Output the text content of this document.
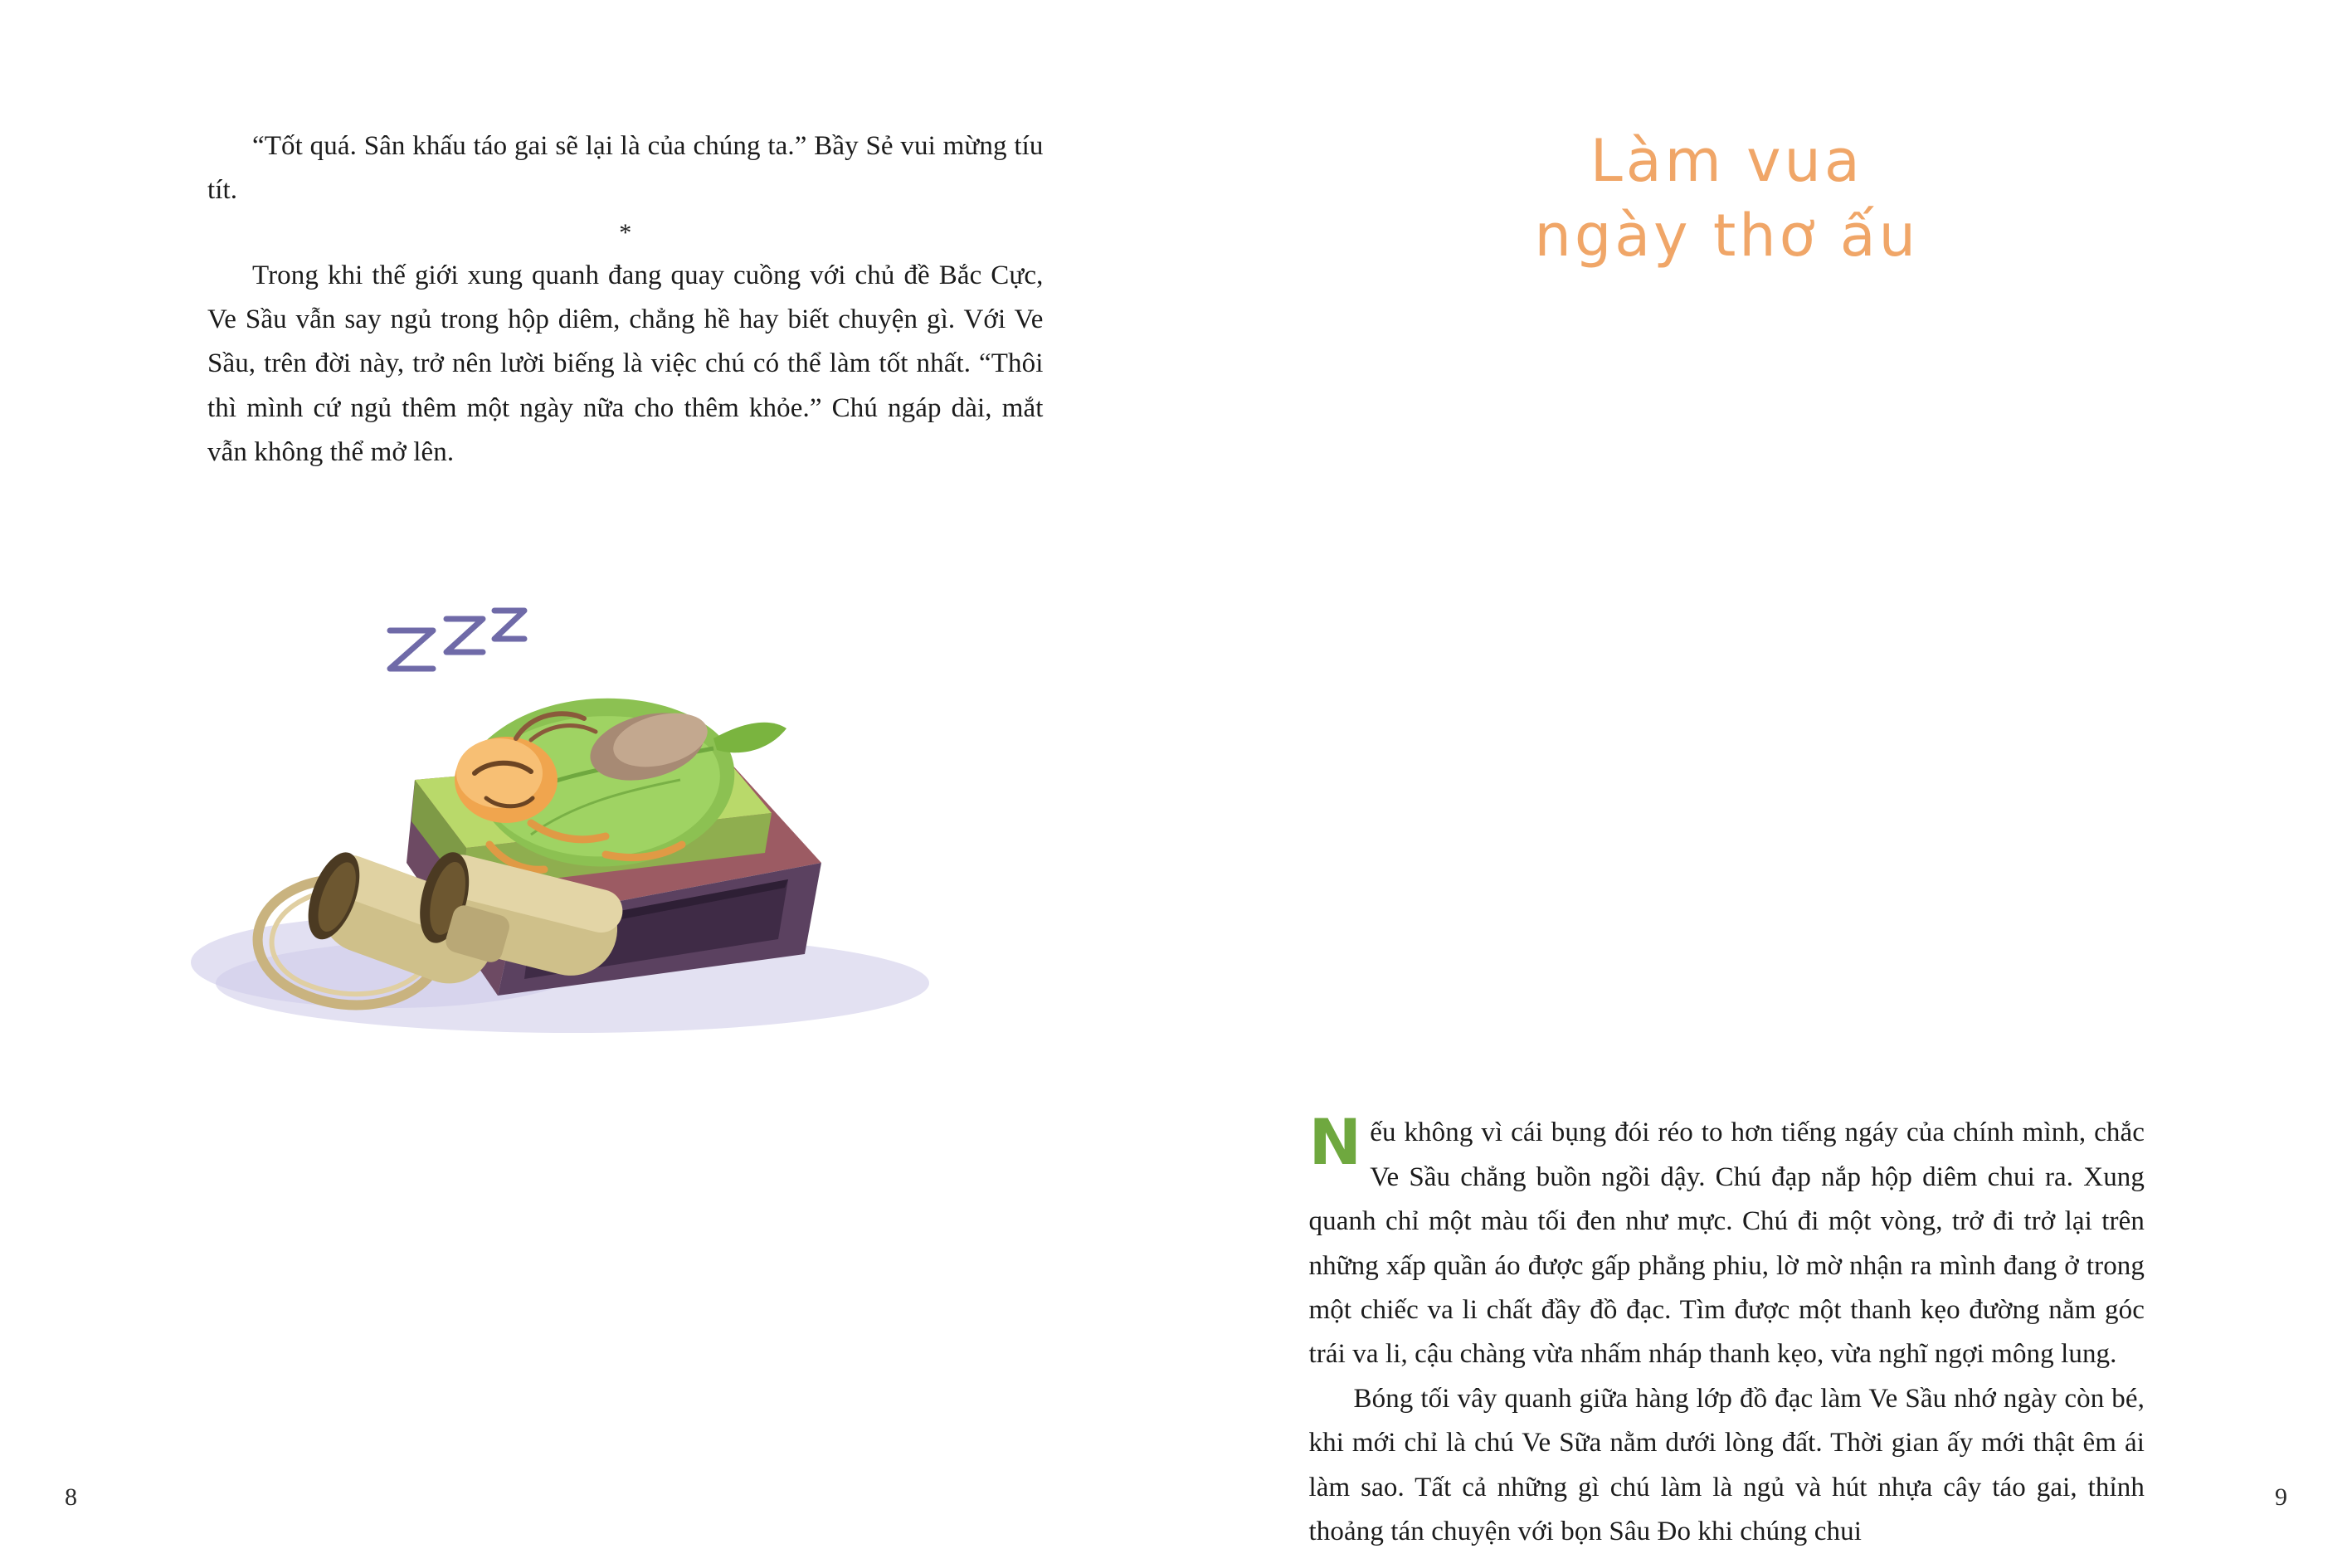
“Tốt quá. Sân khấu táo gai sẽ lại là của chúng ta.” Bầy Sẻ vui mừng tíu tít.

*

Trong khi thế giới xung quanh đang quay cuồng với chủ đề Bắc Cực, Ve Sầu vẫn say ngủ trong hộp diêm, chẳng hề hay biết chuyện gì. Với Ve Sầu, trên đời này, trở nên lười biếng là việc chú có thể làm tốt nhất. “Thôi thì mình cứ ngủ thêm một ngày nữa cho thêm khỏe.” Chú ngáp dài, mắt vẫn không thể mở lên.

8
Làm vua
ngày thơ ấu

Nếu không vì cái bụng đói réo to hơn tiếng ngáy của chính mình, chắc Ve Sầu chẳng buồn ngồi dậy. Chú đạp nắp hộp diêm chui ra. Xung quanh chỉ một màu tối đen như mực. Chú đi một vòng, trở đi trở lại trên những xấp quần áo được gấp phẳng phiu, lờ mờ nhận ra mình đang ở trong một chiếc va li chất đầy đồ đạc. Tìm được một thanh kẹo đường nằm góc trái va li, cậu chàng vừa nhấm nháp thanh kẹo, vừa nghĩ ngợi mông lung.

Bóng tối vây quanh giữa hàng lớp đồ đạc làm Ve Sầu nhớ ngày còn bé, khi mới chỉ là chú Ve Sữa nằm dưới lòng đất. Thời gian ấy mới thật êm ái làm sao. Tất cả những gì chú làm là ngủ và hút nhựa cây táo gai, thỉnh thoảng tán chuyện với bọn Sâu Đo khi chúng chui

9
